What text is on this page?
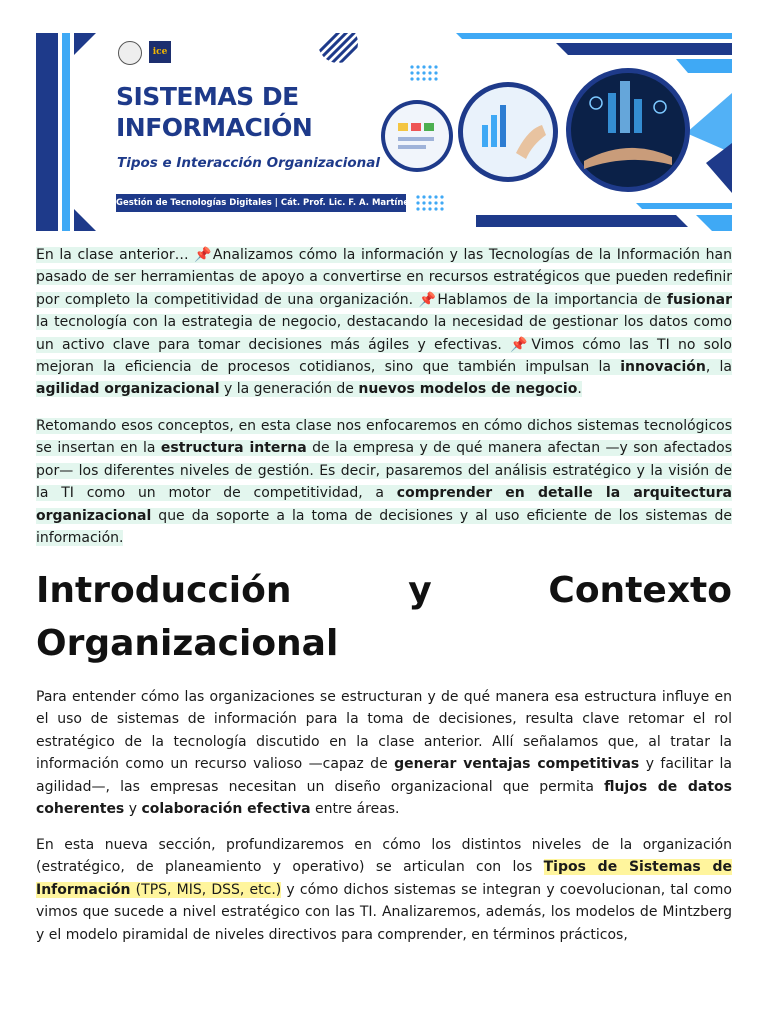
ice
SISTEMAS DE
INFORMACIÓN
Tipos e Interacción Organizacional
Gestión de Tecnologías Digitales | Cát. Prof. Lic. F. A. Martínez

En la clase anterior… 📌Analizamos cómo la información y las Tecnologías de la Información han pasado de ser herramientas de apoyo a convertirse en recursos estratégicos que pueden redefinir por completo la competitividad de una organización. 📌Hablamos de la importancia de fusionar la tecnología con la estrategia de negocio, destacando la necesidad de gestionar los datos como un activo clave para tomar decisiones más ágiles y efectivas. 📌Vimos cómo las TI no solo mejoran la eficiencia de procesos cotidianos, sino que también impulsan la innovación, la agilidad organizacional y la generación de nuevos modelos de negocio.

Retomando esos conceptos, en esta clase nos enfocaremos en cómo dichos sistemas tecnológicos se insertan en la estructura interna de la empresa y de qué manera afectan —y son afectados por— los diferentes niveles de gestión. Es decir, pasaremos del análisis estratégico y la visión de la TI como un motor de competitividad, a comprender en detalle la arquitectura organizacional que da soporte a la toma de decisiones y al uso eficiente de los sistemas de información.

Introducción	y	Contexto Organizacional

Para entender cómo las organizaciones se estructuran y de qué manera esa estructura influye en el uso de sistemas de información para la toma de decisiones, resulta clave retomar el rol estratégico de la tecnología discutido en la clase anterior. Allí señalamos que, al tratar la información como un recurso valioso —capaz de generar ventajas competitivas y facilitar la agilidad—, las empresas necesitan un diseño organizacional que permita flujos de datos coherentes y colaboración efectiva entre áreas.

En esta nueva sección, profundizaremos en cómo los distintos niveles de la organización (estratégico, de planeamiento y operativo) se articulan con los Tipos de Sistemas de Información (TPS, MIS, DSS, etc.) y cómo dichos sistemas se integran y coevolucionan, tal como vimos que sucede a nivel estratégico con las TI. Analizaremos, además, los modelos de Mintzberg y el modelo piramidal de niveles directivos para comprender, en términos prácticos,
